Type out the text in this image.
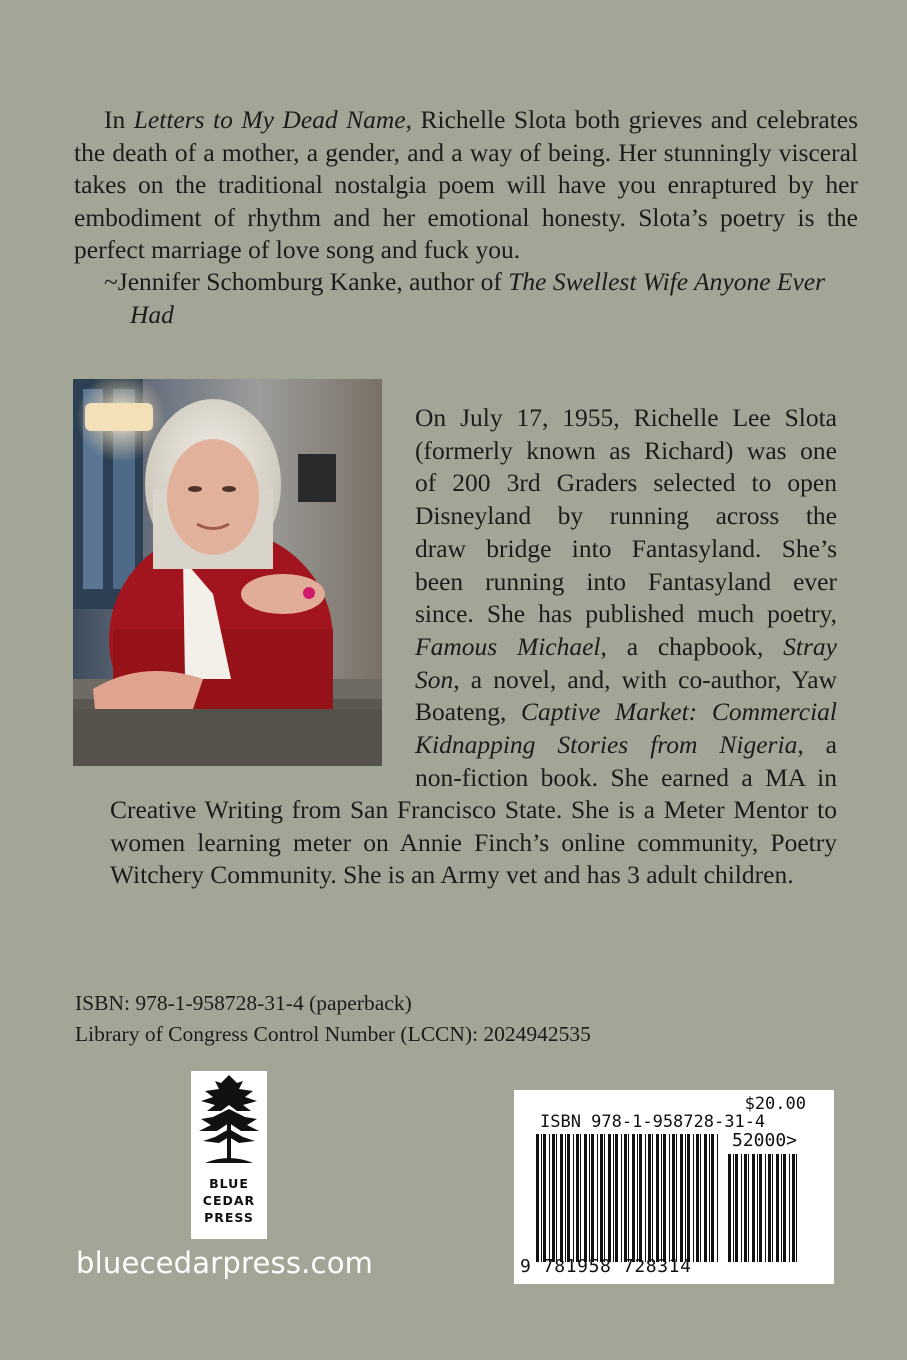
In Letters to My Dead Name, Richelle Slota both grieves and celebrates the death of a mother, a gender, and a way of being. Her stunningly visceral takes on the traditional nostalgia poem will have you enraptured by her embodiment of rhythm and her emotional honesty. Slota’s poetry is the perfect marriage of love song and fuck you.

~Jennifer Schomburg Kanke, author of The Swellest Wife Anyone Ever Had

On July 17, 1955, Richelle Lee Slota
(formerly known as Richard) was one
of 200 3rd Graders selected to open
Disneyland by running across the
draw bridge into Fantasyland. She’s
been running into Fantasyland ever
since. She has published much poetry,
Famous Michael, a chapbook, Stray
Son, a novel, and, with co-author, Yaw
Boateng, Captive Market: Commercial
Kidnapping Stories from Nigeria, a
non-fiction book. She earned a MA in
Creative Writing from San Francisco State. She is a Meter Mentor to
women learning meter on Annie Finch’s online community, Poetry
Witchery Community. She is an Army vet and has 3 adult children.
ISBN: 978-1-958728-31-4 (paperback)
Library of Congress Control Number (LCCN): 2024942535
BLUE
CEDAR
PRESS
bluecedarpress.com
$20.00
ISBN 978-1-958728-31-4
52000>
9 781958 728314
